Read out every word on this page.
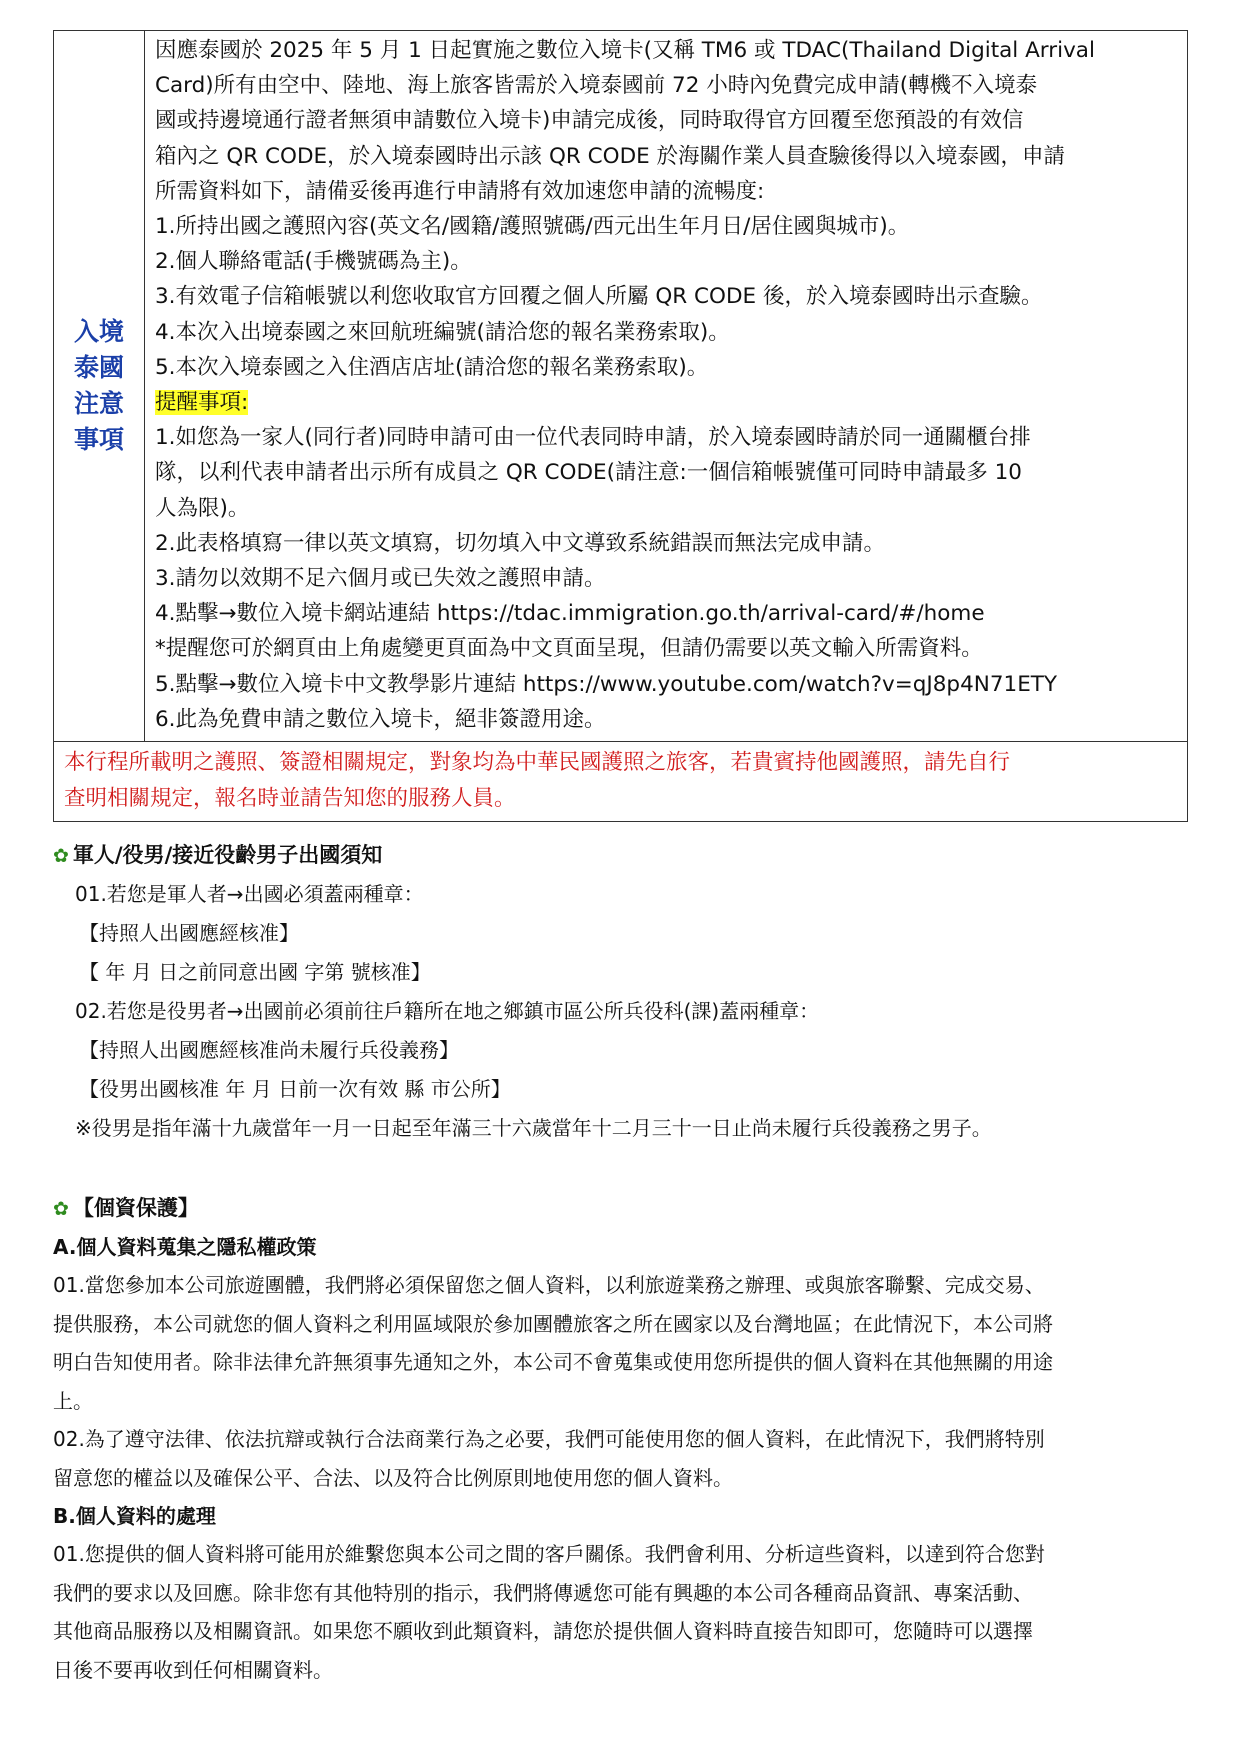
入境
泰國
注意
事項

因應泰國於 2025 年 5 月 1 日起實施之數位入境卡(又稱 TM6 或 TDAC(Thailand Digital Arrival
Card)所有由空中、陸地、海上旅客皆需於入境泰國前 72 小時內免費完成申請(轉機不入境泰
國或持邊境通行證者無須申請數位入境卡)申請完成後，同時取得官方回覆至您預設的有效信
箱內之 QR CODE，於入境泰國時出示該 QR CODE 於海關作業人員查驗後得以入境泰國，申請
所需資料如下，請備妥後再進行申請將有效加速您申請的流暢度:
1.所持出國之護照內容(英文名/國籍/護照號碼/西元出生年月日/居住國與城市)。
2.個人聯絡電話(手機號碼為主)。
3.有效電子信箱帳號以利您收取官方回覆之個人所屬 QR CODE 後，於入境泰國時出示查驗。
4.本次入出境泰國之來回航班編號(請洽您的報名業務索取)。
5.本次入境泰國之入住酒店店址(請洽您的報名業務索取)。
提醒事項:
1.如您為一家人(同行者)同時申請可由一位代表同時申請，於入境泰國時請於同一通關櫃台排
隊，以利代表申請者出示所有成員之 QR CODE(請注意:一個信箱帳號僅可同時申請最多 10
人為限)。
2.此表格填寫一律以英文填寫，切勿填入中文導致系統錯誤而無法完成申請。
3.請勿以效期不足六個月或已失效之護照申請。
4.點擊→數位入境卡網站連結 https://tdac.immigration.go.th/arrival-card/#/home
*提醒您可於網頁由上角處變更頁面為中文頁面呈現，但請仍需要以英文輸入所需資料。
5.點擊→數位入境卡中文教學影片連結 https://www.youtube.com/watch?v=qJ8p4N71ETY
6.此為免費申請之數位入境卡，絕非簽證用途。

本行程所載明之護照、簽證相關規定，對象均為中華民國護照之旅客，若貴賓持他國護照，請先自行
查明相關規定，報名時並請告知您的服務人員。
✿ 軍人/役男/接近役齡男子出國須知
01.若您是軍人者→出國必須蓋兩種章：
【持照人出國應經核准】
【 年 月 日之前同意出國 字第 號核准】
02.若您是役男者→出國前必須前往戶籍所在地之鄉鎮市區公所兵役科(課)蓋兩種章：
【持照人出國應經核准尚未履行兵役義務】
【役男出國核准 年 月 日前一次有效 縣 市公所】
※役男是指年滿十九歲當年一月一日起至年滿三十六歲當年十二月三十一日止尚未履行兵役義務之男子。
✿ 【個資保護】
A.個人資料蒐集之隱私權政策
01.當您參加本公司旅遊團體，我們將必須保留您之個人資料，以利旅遊業務之辦理、或與旅客聯繫、完成交易、
提供服務，本公司就您的個人資料之利用區域限於參加團體旅客之所在國家以及台灣地區；在此情況下，本公司將
明白告知使用者。除非法律允許無須事先通知之外，本公司不會蒐集或使用您所提供的個人資料在其他無關的用途
上。
02.為了遵守法律、依法抗辯或執行合法商業行為之必要，我們可能使用您的個人資料，在此情況下，我們將特別
留意您的權益以及確保公平、合法、以及符合比例原則地使用您的個人資料。
B.個人資料的處理
01.您提供的個人資料將可能用於維繫您與本公司之間的客戶關係。我們會利用、分析這些資料，以達到符合您對
我們的要求以及回應。除非您有其他特別的指示，我們將傳遞您可能有興趣的本公司各種商品資訊、專案活動、
其他商品服務以及相關資訊。如果您不願收到此類資料，請您於提供個人資料時直接告知即可，您隨時可以選擇
日後不要再收到任何相關資料。
